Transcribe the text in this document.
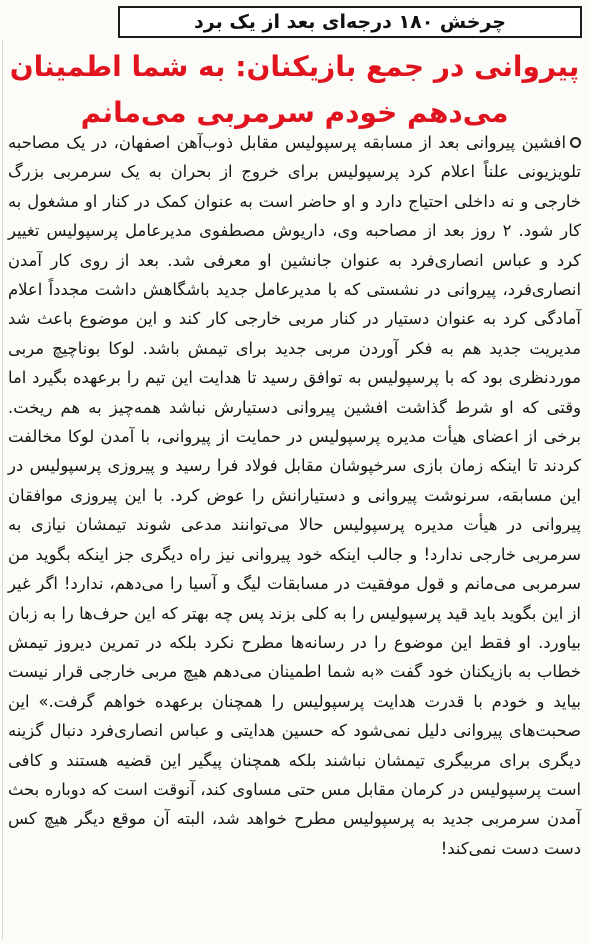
چرخش ۱۸۰ درجه‌ای بعد از یک برد
پیروانی در جمع بازیکنان: به شما اطمینان می‌دهم خودم سرمربی می‌مانم

افشین پیروانی بعد از مسابقه پرسپولیس مقابل ذوب‌آهن اصفهان، در یک مصاحبه تلویزیونی علناً اعلام کرد پرسپولیس برای خروج از بحران به یک سرمربی بزرگ خارجی و نه داخلی احتیاج دارد و او حاضر است به عنوان کمک در کنار او مشغول به کار شود. ۲ روز بعد از مصاحبه وی، داریوش مصطفوی مدیرعامل پرسپولیس تغییر کرد و عباس انصاری‌فرد به عنوان جانشین او معرفی شد. بعد از روی کار آمدن انصاری‌فرد، پیروانی در نشستی که با مدیرعامل جدید باشگاهش داشت مجدداً اعلام آمادگی کرد به عنوان دستیار در کنار مربی خارجی کار کند و این موضوع باعث شد مدیریت جدید هم به فکر آوردن مربی جدید برای تیمش باشد. لوکا بوناچیچ مربی موردنظری بود که با پرسپولیس به توافق رسید تا هدایت این تیم را برعهده بگیرد اما وقتی که او شرط گذاشت افشین پیروانی دستیارش نباشد همه‌چیز به هم ریخت. برخی از اعضای هیأت مدیره پرسپولیس در حمایت از پیروانی، با آمدن لوکا مخالفت کردند تا اینکه زمان بازی سرخپوشان مقابل فولاد فرا رسید و پیروزی پرسپولیس در این مسابقه، سرنوشت پیروانی و دستیارانش را عوض کرد. با این پیروزی موافقان پیروانی در هیأت مدیره پرسپولیس حالا می‌توانند مدعی شوند تیمشان نیازی به سرمربی خارجی ندارد! و جالب اینکه خود پیروانی نیز راه دیگری جز اینکه بگوید من سرمربی می‌مانم و قول موفقیت در مسابقات لیگ و آسیا را می‌دهم، ندارد! اگر غیر از این بگوید باید قید پرسپولیس را به کلی بزند پس چه بهتر که این حرف‌ها را به زبان بیاورد. او فقط این موضوع را در رسانه‌ها مطرح نکرد بلکه در تمرین دیروز تیمش خطاب به بازیکنان خود گفت «به شما اطمینان می‌دهم هیچ مربی خارجی قرار نیست بیاید و خودم با قدرت هدایت پرسپولیس را همچنان برعهده خواهم گرفت.» این صحبت‌های پیروانی دلیل نمی‌شود که حسین هدایتی و عباس انصاری‌فرد دنبال گزینه دیگری برای مربیگری تیمشان نباشند بلکه همچنان پیگیر این قضیه هستند و کافی است پرسپولیس در کرمان مقابل مس حتی مساوی کند، آنوقت است که دوباره بحث آمدن سرمربی جدید به پرسپولیس مطرح خواهد شد، البته آن موقع دیگر هیچ کس دست دست نمی‌کند!
